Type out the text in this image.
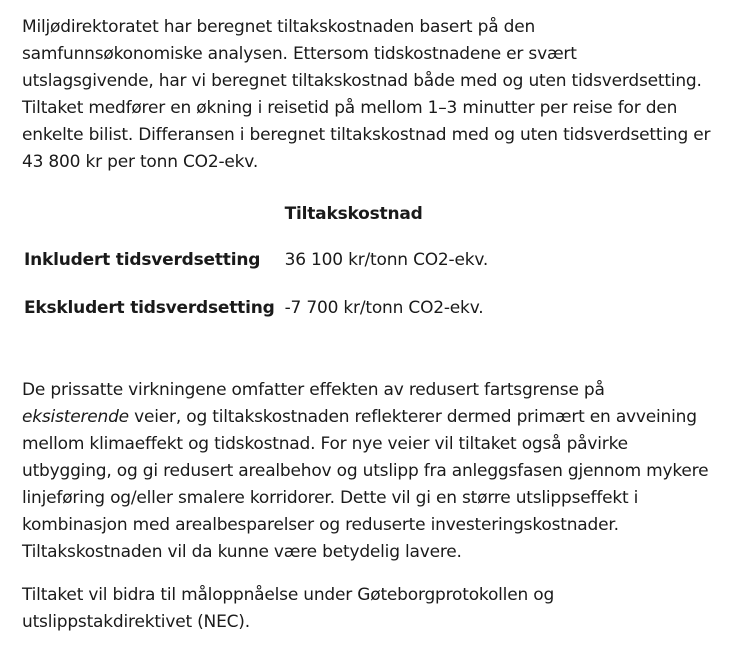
Miljødirektoratet har beregnet tiltakskostnaden basert på den samfunnsøkonomiske analysen. Ettersom tidskostnadene er svært utslagsgivende, har vi beregnet tiltakskostnad både med og uten tidsverdsetting. Tiltaket medfører en økning i reisetid på mellom 1–3 minutter per reise for den enkelte bilist. Differansen i beregnet tiltakskostnad med og uten tidsverdsetting er 43 800 kr per tonn CO2-ekv.

	Tiltakskostnad
Inkludert tidsverdsetting	36 100 kr/tonn CO2-ekv.
Ekskludert tidsverdsetting	-7 700 kr/tonn CO2-ekv.

De prissatte virkningene omfatter effekten av redusert fartsgrense på eksisterende veier, og tiltakskostnaden reflekterer dermed primært en avveining mellom klimaeffekt og tidskostnad. For nye veier vil tiltaket også påvirke utbygging, og gi redusert arealbehov og utslipp fra anleggsfasen gjennom mykere linjeføring og/eller smalere korridorer. Dette vil gi en større utslippseffekt i kombinasjon med arealbesparelser og reduserte investeringskostnader. Tiltakskostnaden vil da kunne være betydelig lavere.

Tiltaket vil bidra til måloppnåelse under Gøteborgprotokollen og utslippstakdirektivet (NEC).
